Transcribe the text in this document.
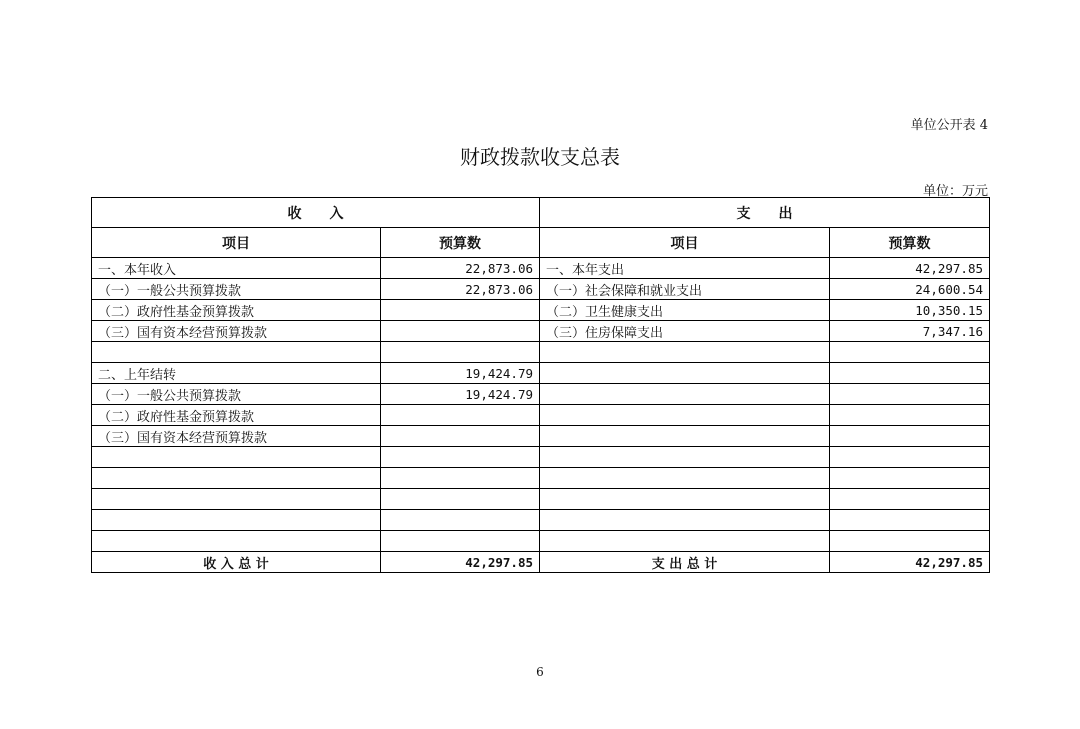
单位公开表 4
财政拨款收支总表
单位：万元
收　　入		支　　出	
项目	预算数	项目	预算数
一、本年收入	22,873.06	一、本年支出	42,297.85
（一）一般公共预算拨款	22,873.06	（一）社会保障和就业支出	24,600.54
（二）政府性基金预算拨款		（二）卫生健康支出	10,350.15
（三）国有资本经营预算拨款		（三）住房保障支出	7,347.16

二、上年结转	19,424.79		
（一）一般公共预算拨款	19,424.79		
（二）政府性基金预算拨款			
（三）国有资本经营预算拨款			

收 入 总 计	42,297.85	支 出 总 计	42,297.85
6
